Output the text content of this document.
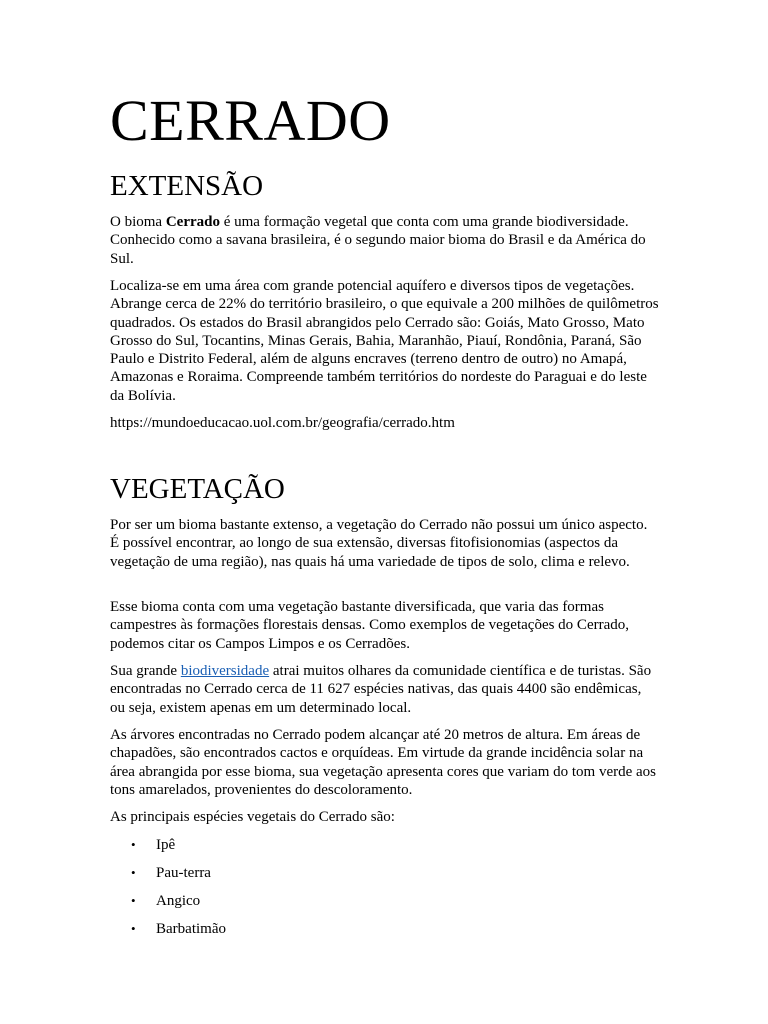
CERRADO
EXTENSÃO

O bioma Cerrado é uma formação vegetal que conta com uma grande biodiversidade. Conhecido como a savana brasileira, é o segundo maior bioma do Brasil e da América do Sul.

Localiza-se em uma área com grande potencial aquífero e diversos tipos de vegetações. Abrange cerca de 22% do território brasileiro, o que equivale a 200 milhões de quilômetros quadrados. Os estados do Brasil abrangidos pelo Cerrado são: Goiás, Mato Grosso, Mato Grosso do Sul, Tocantins, Minas Gerais, Bahia, Maranhão, Piauí, Rondônia, Paraná, São Paulo e Distrito Federal, além de alguns encraves (terreno dentro de outro) no Amapá, Amazonas e Roraima. Compreende também territórios do nordeste do Paraguai e do leste da Bolívia.

https://mundoeducacao.uol.com.br/geografia/cerrado.htm

VEGETAÇÃO

Por ser um bioma bastante extenso, a vegetação do Cerrado não possui um único aspecto. É possível encontrar, ao longo de sua extensão, diversas fitofisionomias (aspectos da vegetação de uma região), nas quais há uma variedade de tipos de solo, clima e relevo.

Esse bioma conta com uma vegetação bastante diversificada, que varia das formas campestres às formações florestais densas. Como exemplos de vegetações do Cerrado, podemos citar os Campos Limpos e os Cerradões.

Sua grande biodiversidade atrai muitos olhares da comunidade científica e de turistas. São encontradas no Cerrado cerca de 11 627 espécies nativas, das quais 4400 são endêmicas, ou seja, existem apenas em um determinado local.

As árvores encontradas no Cerrado podem alcançar até 20 metros de altura. Em áreas de chapadões, são encontrados cactos e orquídeas. Em virtude da grande incidência solar na área abrangida por esse bioma, sua vegetação apresenta cores que variam do tom verde aos tons amarelados, provenientes do descoloramento.

As principais espécies vegetais do Cerrado são:

• Ipê
• Pau-terra
• Angico
• Barbatimão
